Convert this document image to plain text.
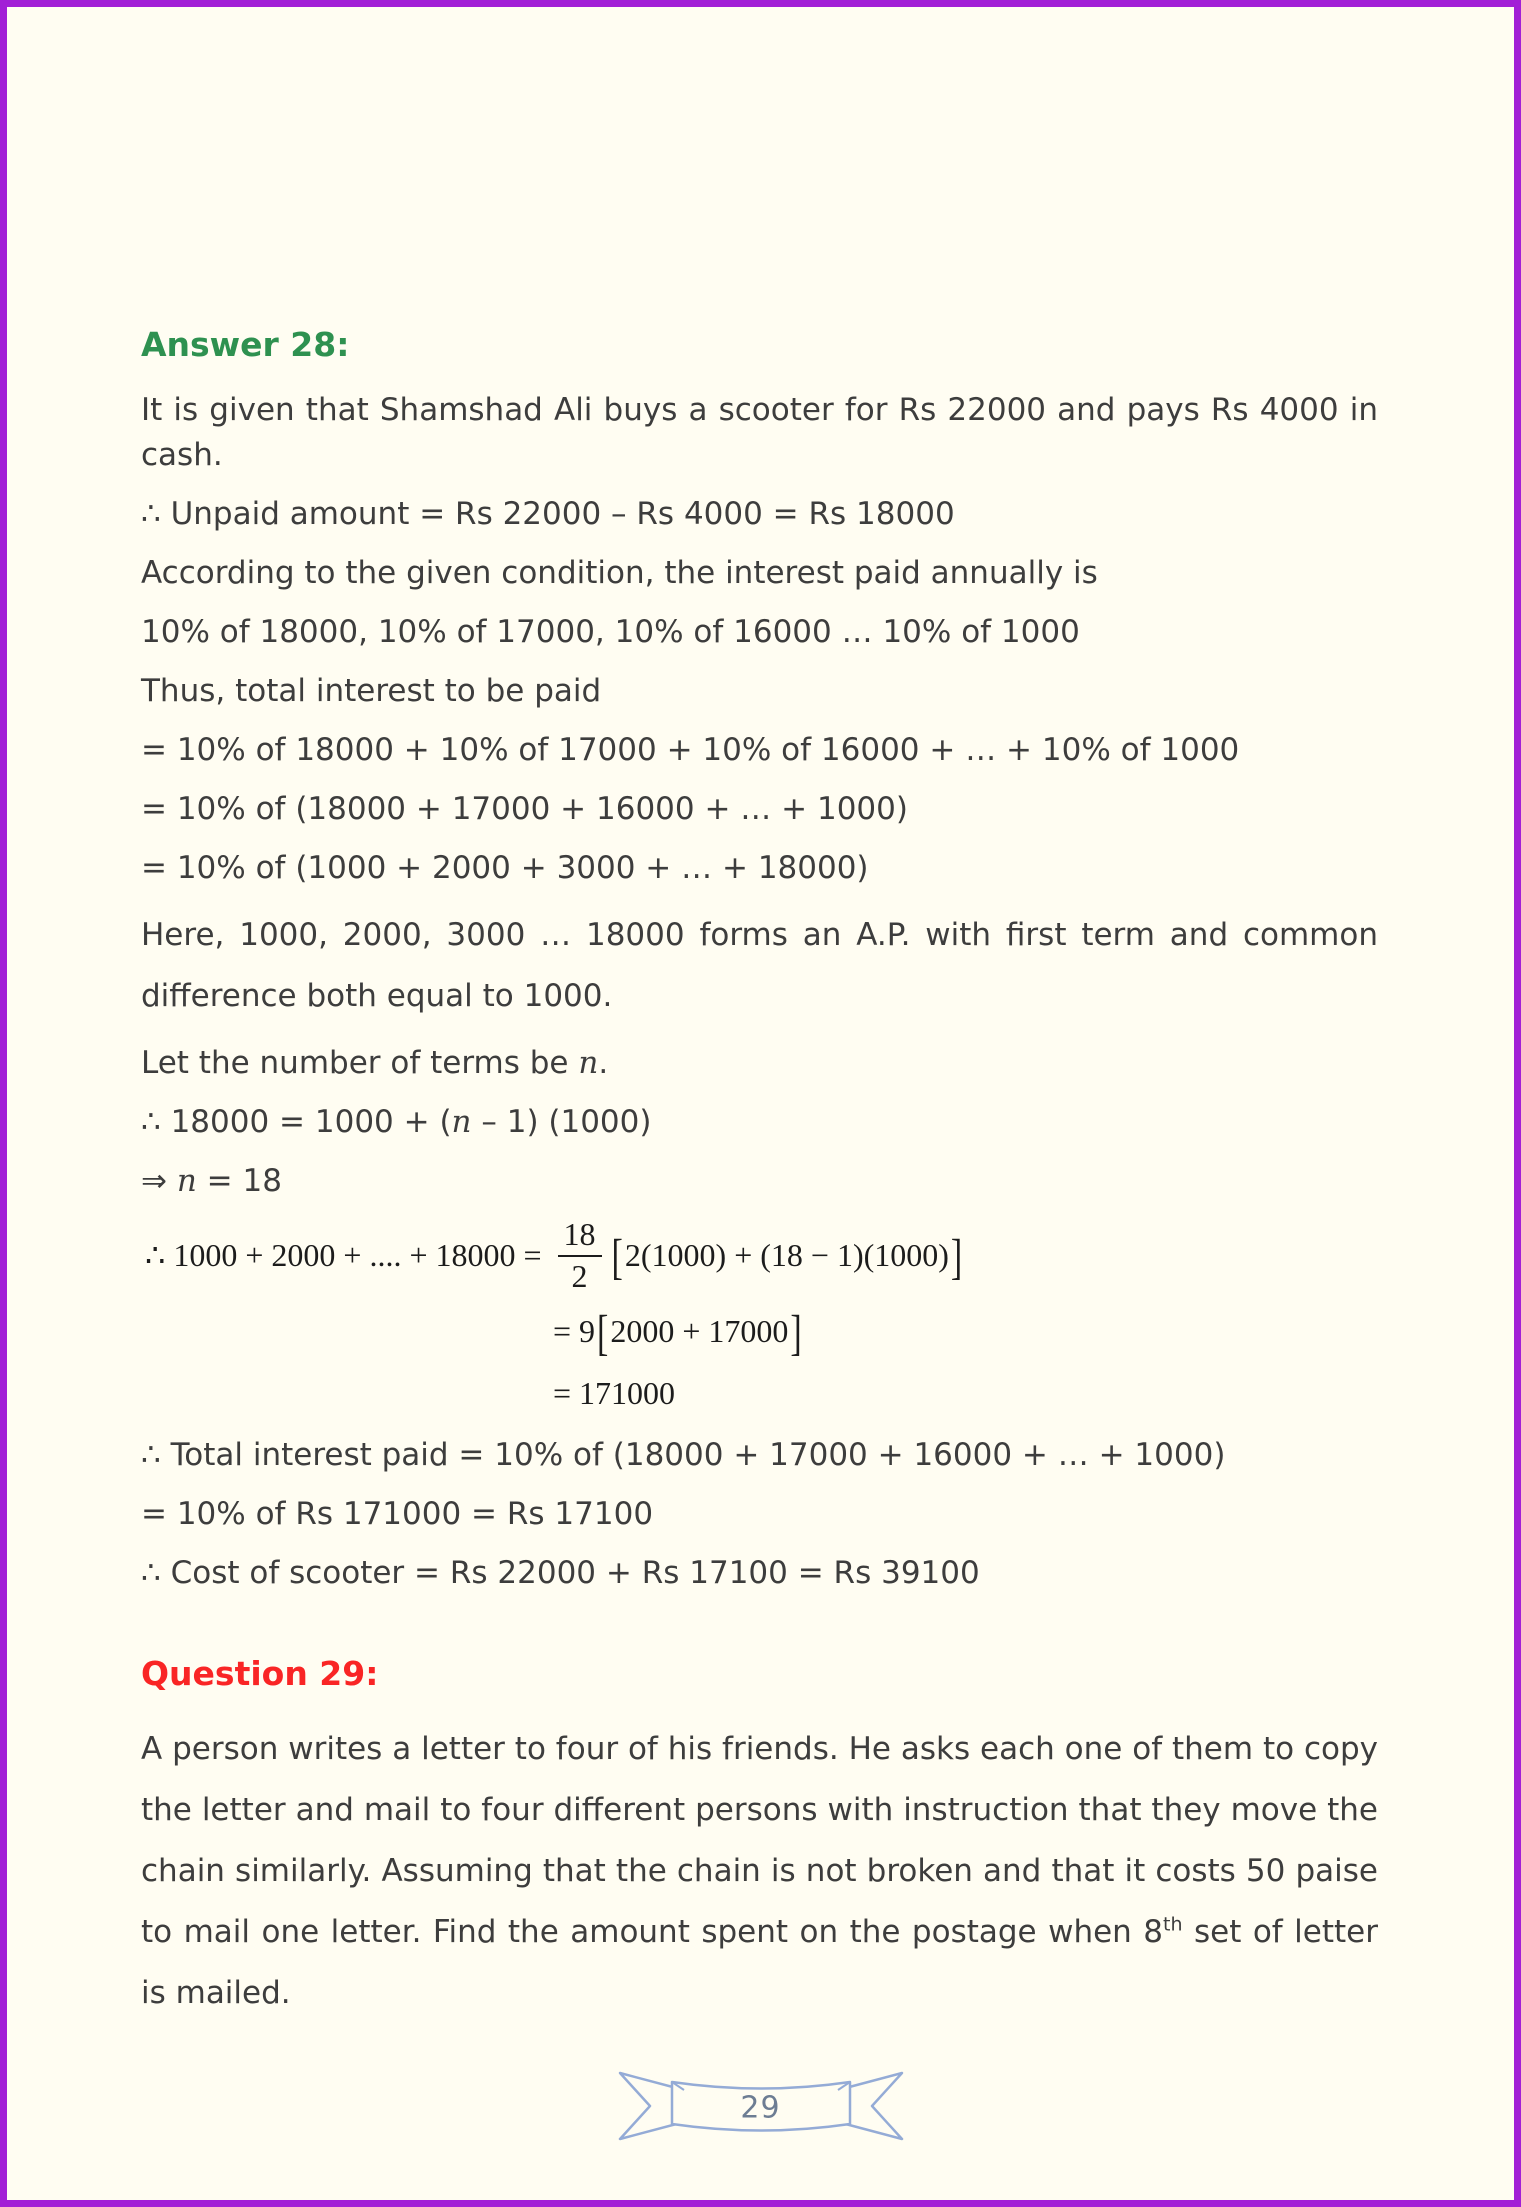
Answer 28:

It is given that Shamshad Ali buys a scooter for Rs 22000 and pays Rs 4000 in cash.

∴ Unpaid amount = Rs 22000 – Rs 4000 = Rs 18000

According to the given condition, the interest paid annually is

10% of 18000, 10% of 17000, 10% of 16000 … 10% of 1000

Thus, total interest to be paid

= 10% of 18000 + 10% of 17000 + 10% of 16000 + … + 10% of 1000

= 10% of (18000 + 17000 + 16000 + … + 1000)

= 10% of (1000 + 2000 + 3000 + … + 18000)

Here, 1000, 2000, 3000 … 18000 forms an A.P. with first term and common difference both equal to 1000.

Let the number of terms be n.

∴ 18000 = 1000 + (n – 1) (1000)

⇒ n = 18

∴ 1000 + 2000 + .... + $18000 = \frac{18}{2} [2(1000) + (18 - 1)(1000)]$
= 9[2000 + 17000]
= 171000

∴ Total interest paid = 10% of (18000 + 17000 + 16000 + … + 1000)

= 10% of Rs 171000 = Rs 17100

∴ Cost of scooter = Rs 22000 + Rs 17100 = Rs 39100

Question 29:

A person writes a letter to four of his friends. He asks each one of them to copy the letter and mail to four different persons with instruction that they move the chain similarly. Assuming that the chain is not broken and that it costs 50 paise to mail one letter. Find the amount spent on the postage when 8th set of letter is mailed.

29
